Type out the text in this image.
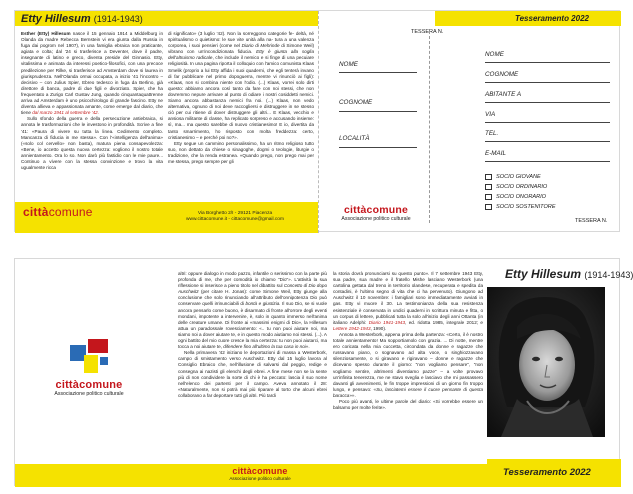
Etty Hillesum (1914-1943)

Esther (Etty) Hillesum nasce il 15 gennaio 1914 a Middelburg in Olanda da madre Rebecca Bernstein vi era giunta dalla Russia in fuga dai pogrom nel 1907), in una famiglia ebraica non praticante, agiata e colta; dal '24 si trasferisce a Deventer, dove il padre, insegnante di latino e greco, diventa preside del Ginnasio. Etty, vitalissima e animata da interessi poetico-filosofici, con una precoce predilezione per Rilke, si trasferisce ad Amsterdam dove si laurea in giurisprudenza. Nell'Olanda ormai occupata, a inizio '41 l'incontro – decisivo – con Julius Spier, Ebreo tedesco in fuga da Berlino, già direttore di banca, padre di due figli e divorziato. Spier, che ha frequentato a Zurigo Carl Gustav Jung, quando cinquantaquattrenne arriva ad Amsterdam è uno psicochirologo di grande fascino. Etty ne diventa allieva e appassionata amante, come emerge dal diario, che tiene dal marzo 1941 al settembre '42.

Sullo sfondo della guerra e della persecuzione antiebraica, si annota le trasformazioni che le investono in profondità. Scrive a fine '41: «Paura di vivere su tutta la linea. Cedimento completo. Mancanza di fiducia in me stessa». Con l'«intelligenza dell'anima» («solo col cervello» non basta), matura piena consapevolezza: «Bene, io accetto questa nuova certezza: vogliono il nostro totale annientamento. Ora lo so. Non darò più fastidio con le mie paure... Continuo a vivere con la stessa convinzione e trovo la vita ugualmente ricca

di significato» (3 luglio '42). Non la sorreggono categorie fe- deltà, né spiritualismo o quietismo: le sue vite unità alla na- tura a una valenza corporea, i suoi pensieri (come nel Diario di Mehrinde di Simone Weil) vibrano con un'incondizionata fiducia. Etty è giunta alla soglia dell'altruismo radicale, che include il nemico e si finge di una pecuiare religiosità. In una pagina riporta il colloquio con l'amico comunista Klaas Smelik (proprio a lui Etty affida i suoi quaderni, che egli tenterà invano di far pubblicare nel primo dopoguerra, mentre vi rinunciò ai figli): «Klaas, non si combina niente con l'odio. (...) Klaas, vorrei solo dirti questo: abbiamo ancora così tanto da fare con noi stessi, che non dovremmo nepure arrivare al punto di odiare i nostri cosiddetti nemici. Siamo ancora abbastanza nemici fra noi. (...) Klaas, non vedo alternativa, ognuno di noi deve raccogliersi e distruggere in se stesso ciò per cui ritiene di dover distruggere gli altri... E Klaas, vecchio e ansiosa militante di classe, ha replicato sorpreso e accusando insieme: sì, ma... ma questo sarebbe di nuovo cristianesimo! E io, divertita da tanto smarrimento, ho risposto con molta freddezza: certo, cristianesimo – e perché poi no?».

Etty segue un cammino personalissimo, ha un ritmo religioso tutto suo, non dettato da chiese o sinagoghe, dogmi o teologie, liturgie o tradizione, che la renda estranea. «Quando prego, non prego mai per me stessa, prego sempre per gli

cittàcomune	Via Borghetto 2/I - 29121 Piacenza
www.cittacomune.it - cittacomune@gmail.com
Tesseramento 2022
TESSERA N.
NOME
COGNOME
LOCALITÀ
NOME
COGNOME
ABITANTE A
VIA
TEL.
E-MAIL
SOCIO GIOVANE
SOCIO ORDINARIO
SOCIO ONORARIO
SOCIO SOSTENITORE
cittàcomune
Associazione politico culturale	TESSERA N.
cittàcomune
Associazione politico culturale

altri: oppure dialogo in modo pazzo, infantile o serissimo con la parte più profonda di me, che per comodità io chiamo "Dio"». L'attività la sua riflessione si inserisce a pieno titolo nel dibattito sul Concetto di Dio dopo Auschwitz (per citare H. Jonas): come Simone Weil, Etty giunge alla conclusione che solo rinunciando all'attributo dell'onnipotenza Dio può conservare quelli irrinunciabili di bontà e giustizia. Il suo Dio, se si vuole ancora pensarlo come buono, è disarmato di fronte all'orrore degli eventi mondani, impotente a intervenire, è, solo in quanto immerso nell'anima delle creature umane. Di fronte ai «massimi enigmi di Dio», la Hillesum attua un paradossale rovesciamento: «.. tu non puoi aiutare noi, ma siamo noi a dover aiutare te, e in questo modo aiutiamo noi stessi. (...). A ogni battito del mio cuore cresce la mia certezza: tu non puoi aiutarci, ma tocca a noi aiutare te, difendere fino all'ultimo la tua casa in noi».

Nella primavera '42 iniziano le deportazioni di massa a Westerbork, campo di smistamento verso Auschwitz. Etty dal 15 luglio lavora al Consiglio Ebraico che, nell'illusione di salvarsi dal peggio, redige e consegna ai nazisti gli elenchi degli ebrei. A fine mese non se la sente più di non condividere la sorte di chi è ha peccato: lascia il suo nome nell'elenco dei partenti per il campo. Aveva annotato il 28: «Naturalmente, non si potrà mai più riparare al torto che alcuni ebrei collaborano a far deportare tutti gli altri. Più tardi

la storia dovrà pronunciarsi su questo punto». Il 7 settembre 1943 Etty, sua padre, sua madre e il fratello Mishe lasciano Westerbork (una cartolina gettata dal treno in territorio olandese, recuperata e spedita da contadini, è l'ultimo segno di vita che ci ha pervenuto). Giungono ad Auschwitz il 10 novembre: i famigliari sono immediatamente avviati in gas. Etty vi muore il 30. La testimonianza della sua resistenza esistenziale è conservata in undici quaderni in scrittura minuta e fitta, o un corpus di lettere, pubblicati tutta la solo all'inizio degli anni Ottanta (in italiano Adelphi: Diario 1941-1943, ed. ridotta 1985, integrale 2012; e Lettere 1942-1943, 1990).

Annota a Westerbork, appena prima della partenza: «Certo, il è nostro totale annientamento! Ma sopportiamolo con grazia. ... Di notte, mentre ero coricata nella mia cuccetta, circondata da donne e ragazze che russavano piano, o sognavano ad alta voce, o singhiozzavano silenziosamente, o si giravano e rigiravano – donne e ragazze che dicevano spesso durante il giorno: "non vogliamo pensare", "non vogliamo sentire, altrimenti diventiamo pazze" – a volte provavo un'infinita tenerezza, me ne stavo sveglia e lasciavo che mi passassero davanti gli avvenimenti, le fin troppe impressioni di un giorno fin troppo lungo, e pensavo: «Su, lasciatemi essere il cuore pensante di questa baracca»».

Poco più avanti, le ultime parole del diario: «Si vorrebbe essere un balsamo per molte ferite».

Etty Hillesum (1914-1943)
Tesseramento 2022
cittàcomune
Associazione politico culturale
